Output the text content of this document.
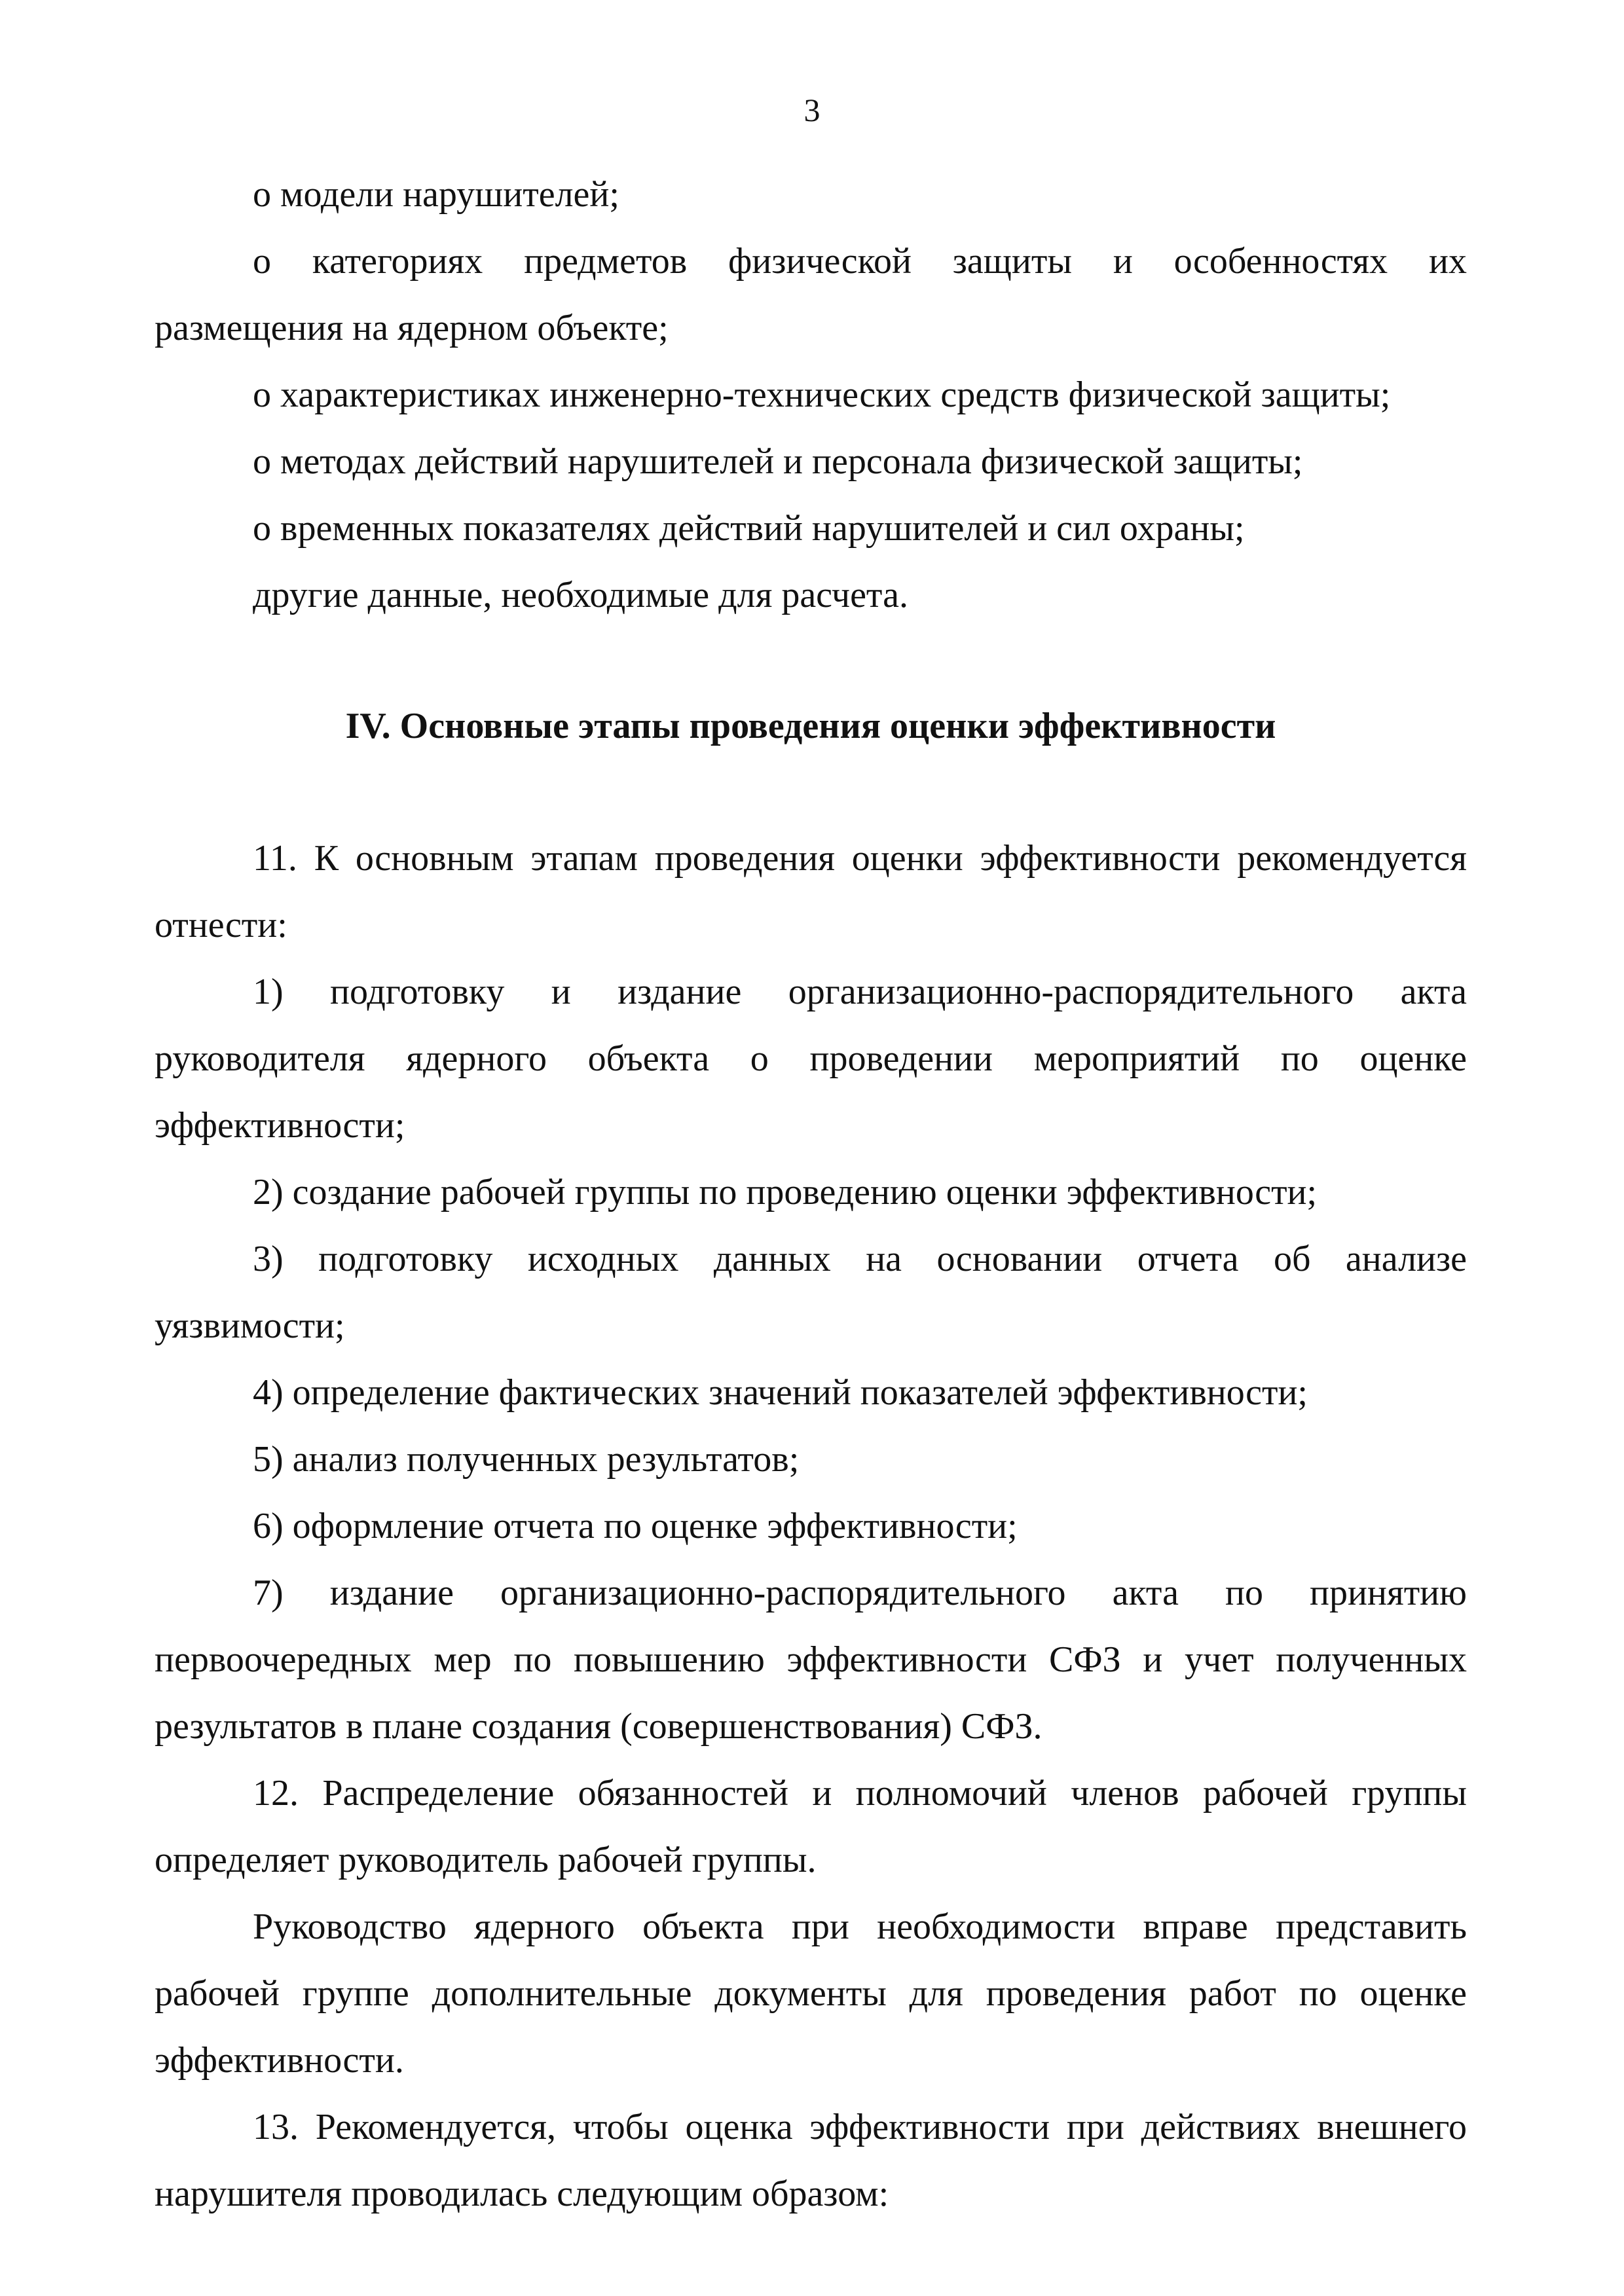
3
о модели нарушителей;
о категориях предметов физической защиты и особенностях их
размещения на ядерном объекте;
о характеристиках инженерно-технических средств физической защиты;
о методах действий нарушителей и персонала физической защиты;
о временных показателях действий нарушителей и сил охраны;
другие данные, необходимые для расчета.
IV. Основные этапы проведения оценки эффективности
11. К основным этапам проведения оценки эффективности рекомендуется
отнести:
1) подготовку и издание организационно-распорядительного акта
руководителя ядерного объекта о проведении мероприятий по оценке
эффективности;
2) создание рабочей группы по проведению оценки эффективности;
3) подготовку исходных данных на основании отчета об анализе
уязвимости;
4) определение фактических значений показателей эффективности;
5) анализ полученных результатов;
6) оформление отчета по оценке эффективности;
7) издание организационно-распорядительного акта по принятию
первоочередных мер по повышению эффективности СФЗ и учет полученных
результатов в плане создания (совершенствования) СФЗ.
12. Распределение обязанностей и полномочий членов рабочей группы
определяет руководитель рабочей группы.
Руководство ядерного объекта при необходимости вправе представить
рабочей группе дополнительные документы для проведения работ по оценке
эффективности.
13. Рекомендуется, чтобы оценка эффективности при действиях внешнего
нарушителя проводилась следующим образом:
